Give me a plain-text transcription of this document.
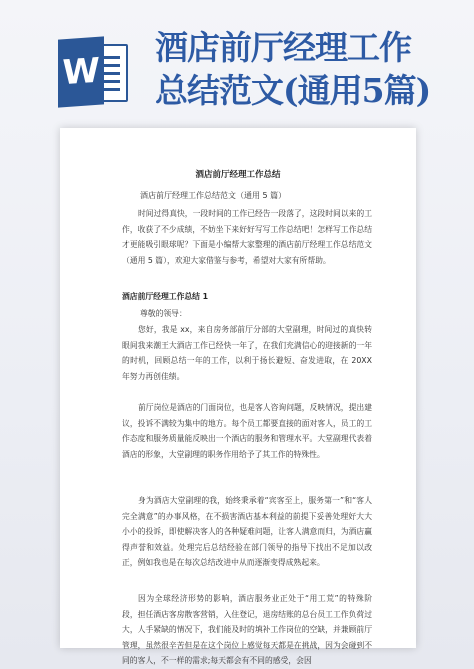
W
酒店前厅经理工作
总结范文(通用5篇)
酒店前厅经理工作总结
酒店前厅经理工作总结范文（通用 5 篇）

时间过得真快，一段时间的工作已经告一段落了，这段时间以来的工作，收获了不少成绩，不妨坐下来好好写写工作总结吧！怎样写工作总结才更能吸引眼球呢？下面是小编帮大家整理的酒店前厅经理工作总结范文（通用 5 篇），欢迎大家借鉴与参考，希望对大家有所帮助。

酒店前厅经理工作总结 1
尊敬的领导：

您好，我是 xx，来自房务部前厅分部的大堂副理，时间过的真快转眼间我来潮王大酒店工作已经快一年了，在我们充满信心的迎接新的一年的时机，回顾总结一年的工作，以利于扬长避短、奋发进取，在 20XX 年努力再创佳绩。

前厅岗位是酒店的门面岗位，也是客人咨询问题，反映情况，提出建议，投诉不满较为集中的地方。每个员工都要直接的面对客人，员工的工作态度和服务质量能反映出一个酒店的服务和管理水平。大堂副理代表着酒店的形象，大堂副理的职务作用给予了其工作的特殊性。

身为酒店大堂副理的我，始终秉承着“宾客至上，服务第一”和“客人完全满意”的办事风格，在不损害酒店基本利益的前提下妥善处理好大大小小的投诉，即使解决客人的各种疑难问题，让客人满意而归，为酒店赢得声誉和效益。处理完后总结经验在部门领导的指导下找出不足加以改正，例如我也是在每次总结改进中从而逐渐变得成熟起来。

因为全球经济形势的影响，酒店服务业正处于“用工荒”的特殊阶段，担任酒店客房散客营销，入住登记，退房结账的总台员工工作负荷过大，人手紧缺的情况下，我们能及时的填补工作岗位的空缺，并兼顾前厅管理，虽然很辛苦但是在这个岗位上感觉每天都是在挑战，因为会碰到不同的客人，不一样的需求;每天都会有不同的感受，会因
